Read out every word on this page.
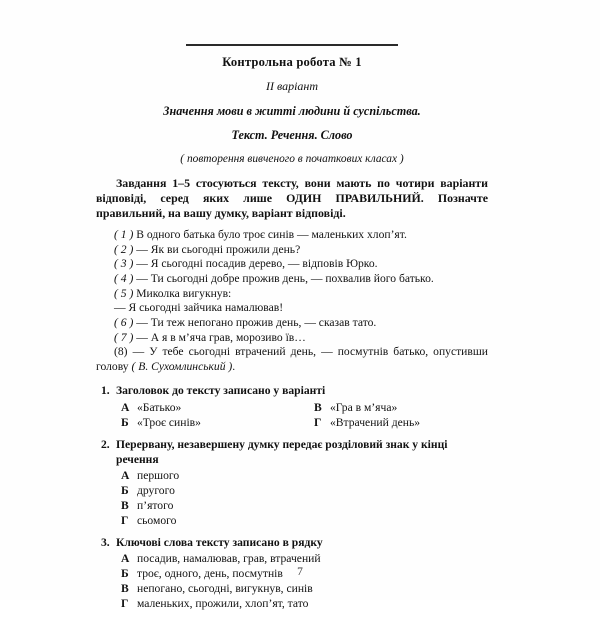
Контрольна робота № 1
II варіант
Значення мови в житті людини й суспільства.
Текст. Речення. Слово
( повторення вивченого в початкових класах )
Завдання 1–5 стосуються тексту, вони мають по чотири варіанти відповіді, серед яких лише ОДИН ПРАВИЛЬНИЙ. Позначте правильний, на вашу думку, варіант відповіді.
( 1 ) В одного батька було троє синів — маленьких хлоп’ят.
( 2 ) — Як ви сьогодні прожили день?
( 3 ) — Я сьогодні посадив дерево, — відповів Юрко.
( 4 ) — Ти сьогодні добре прожив день, — похвалив його батько.
( 5 ) Миколка вигукнув:
— Я сьогодні зайчика намалював!
( 6 ) — Ти теж непогано прожив день, — сказав тато.
( 7 ) — А я в м’яча грав, морозиво їв…
(8) — У тебе сьогодні втрачений день, — посмутнів батько, опустивши голову ( В. Сухомлинський ).
1. Заголовок до тексту записано у варіанті
А «Батько»	В «Гра в м’яча»
Б «Троє синів»	Г «Втрачений день»
2. Перервану, незавершену думку передає розділовий знак у кінці речення
А першого
Б другого
В п’ятого
Г сьомого
3. Ключові слова тексту записано в рядку
А посадив, намалював, грав, втрачений
Б троє, одного, день, посмутнів
В непогано, сьогодні, вигукнув, синів
Г маленьких, прожили, хлоп’ят, тато
7
